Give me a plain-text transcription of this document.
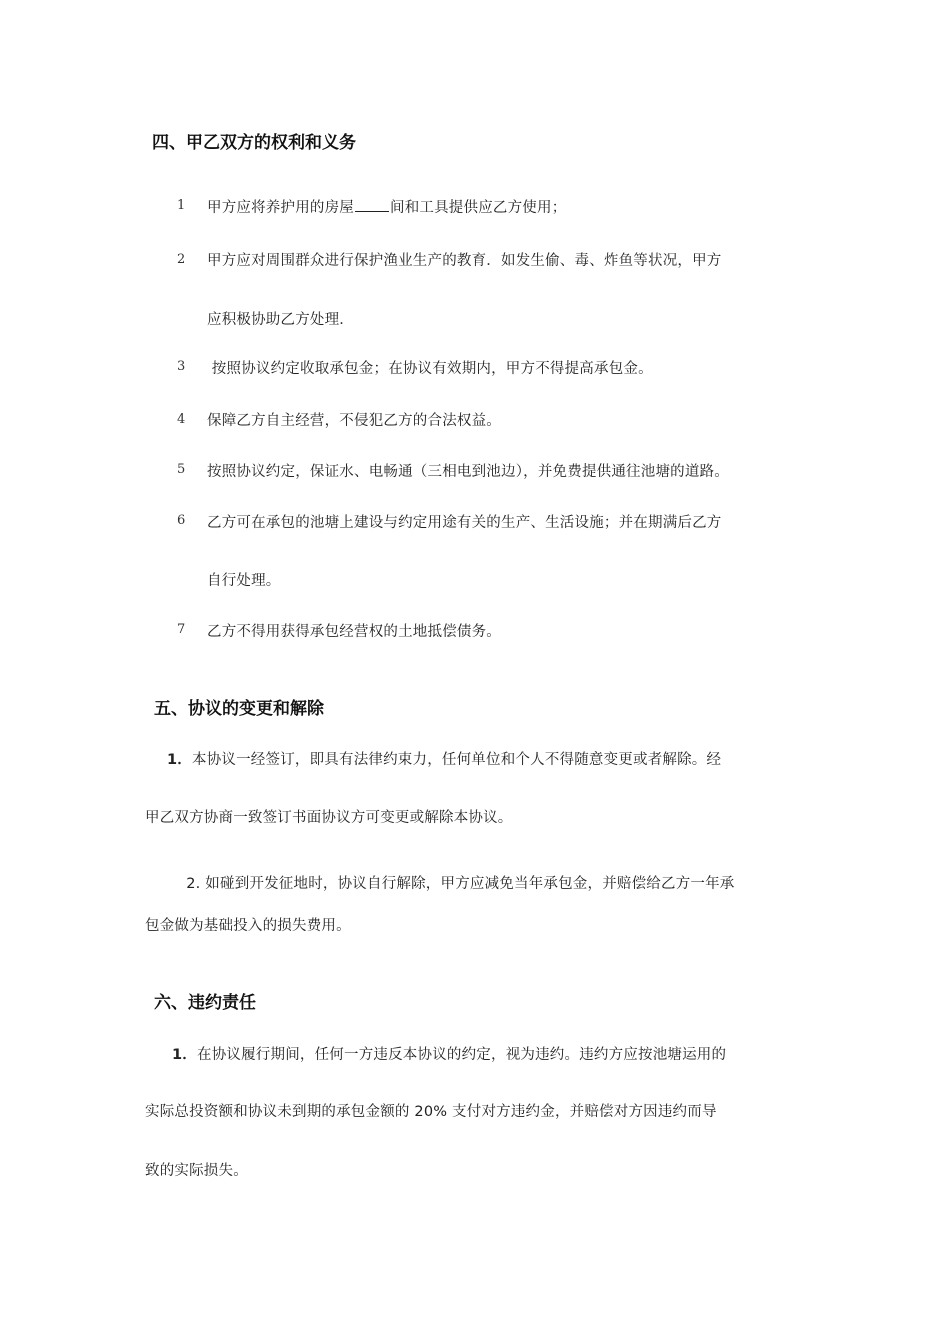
四、甲乙双方的权利和义务
1 甲方应将养护用的房屋 间和工具提供应乙方使用；
2 甲方应对周围群众进行保护渔业生产的教育．如发生偷、毒、炸鱼等状况，甲方
应积极协助乙方处理．
3 按照协议约定收取承包金；在协议有效期内，甲方不得提高承包金。
4 保障乙方自主经营，不侵犯乙方的合法权益。
5 按照协议约定，保证水、电畅通（三相电到池边），并免费提供通往池塘的道路。
6 乙方可在承包的池塘上建设与约定用途有关的生产、生活设施；并在期满后乙方
自行处理。
7 乙方不得用获得承包经营权的土地抵偿债务。
五、协议的变更和解除
1．本协议一经签订，即具有法律约束力，任何单位和个人不得随意变更或者解除。经
甲乙双方协商一致签订书面协议方可变更或解除本协议。

2. 如碰到开发征地时，协议自行解除，甲方应减免当年承包金，并赔偿给乙方一年承

包金做为基础投入的损失费用。
六、违约责任
1．在协议履行期间，任何一方违反本协议的约定，视为违约。违约方应按池塘运用的
实际总投资额和协议未到期的承包金额的 20% 支付对方违约金，并赔偿对方因违约而导
致的实际损失。
